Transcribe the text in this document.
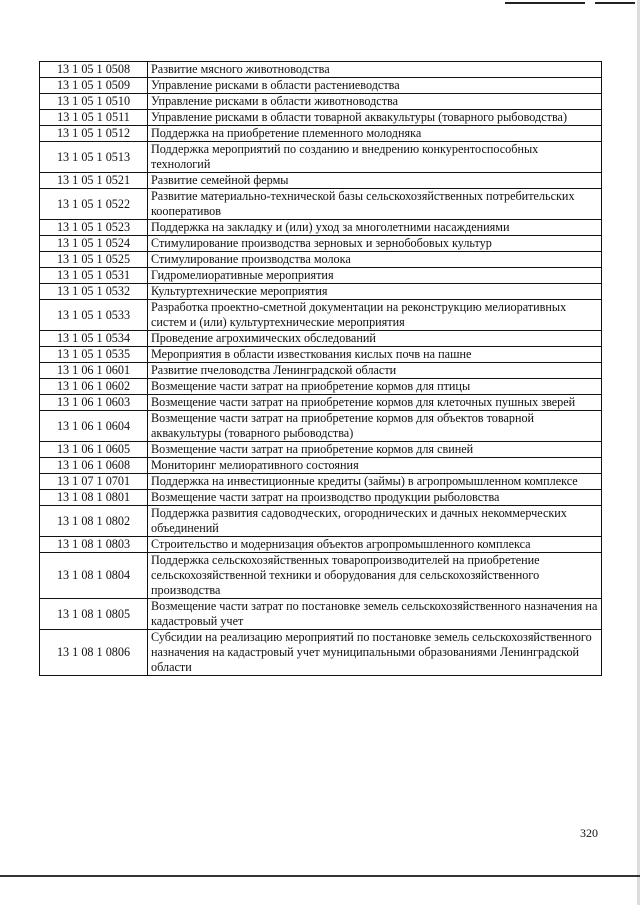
13 1 05 1 0508	Развитие мясного животноводства
13 1 05 1 0509	Управление рисками в области растениеводства
13 1 05 1 0510	Управление рисками в области животноводства
13 1 05 1 0511	Управление рисками в области товарной аквакультуры (товарного рыбоводства)
13 1 05 1 0512	Поддержка на приобретение племенного молодняка
13 1 05 1 0513	Поддержка мероприятий по созданию и внедрению конкурентоспособных технологий
13 1 05 1 0521	Развитие семейной фермы
13 1 05 1 0522	Развитие материально-технической базы сельскохозяйственных потребительских кооперативов
13 1 05 1 0523	Поддержка на закладку и (или) уход за многолетними насаждениями
13 1 05 1 0524	Стимулирование производства зерновых и зернобобовых культур
13 1 05 1 0525	Стимулирование производства молока
13 1 05 1 0531	Гидромелиоративные мероприятия
13 1 05 1 0532	Культуртехнические мероприятия
13 1 05 1 0533	Разработка проектно-сметной документации на реконструкцию мелиоративных систем и (или) культуртехнические мероприятия
13 1 05 1 0534	Проведение агрохимических обследований
13 1 05 1 0535	Мероприятия в области известкования кислых почв на пашне
13 1 06 1 0601	Развитие пчеловодства Ленинградской области
13 1 06 1 0602	Возмещение части затрат на приобретение кормов для птицы
13 1 06 1 0603	Возмещение части затрат на приобретение кормов для клеточных пушных зверей
13 1 06 1 0604	Возмещение части затрат на приобретение кормов для объектов товарной аквакультуры (товарного рыбоводства)
13 1 06 1 0605	Возмещение части затрат на приобретение кормов для свиней
13 1 06 1 0608	Мониторинг мелиоративного состояния
13 1 07 1 0701	Поддержка на инвестиционные кредиты (займы) в агропромышленном комплексе
13 1 08 1 0801	Возмещение части затрат на производство продукции рыболовства
13 1 08 1 0802	Поддержка развития садоводческих, огороднических и дачных некоммерческих объединений
13 1 08 1 0803	Строительство и модернизация объектов агропромышленного комплекса
13 1 08 1 0804	Поддержка сельскохозяйственных товаропроизводителей на приобретение сельскохозяйственной техники и оборудования для сельскохозяйственного производства
13 1 08 1 0805	Возмещение части затрат по постановке земель сельскохозяйственного назначения на кадастровый учет
13 1 08 1 0806	Субсидии на реализацию мероприятий по постановке земель сельскохозяйственного назначения на кадастровый учет муниципальными образованиями Ленинградской области
320
